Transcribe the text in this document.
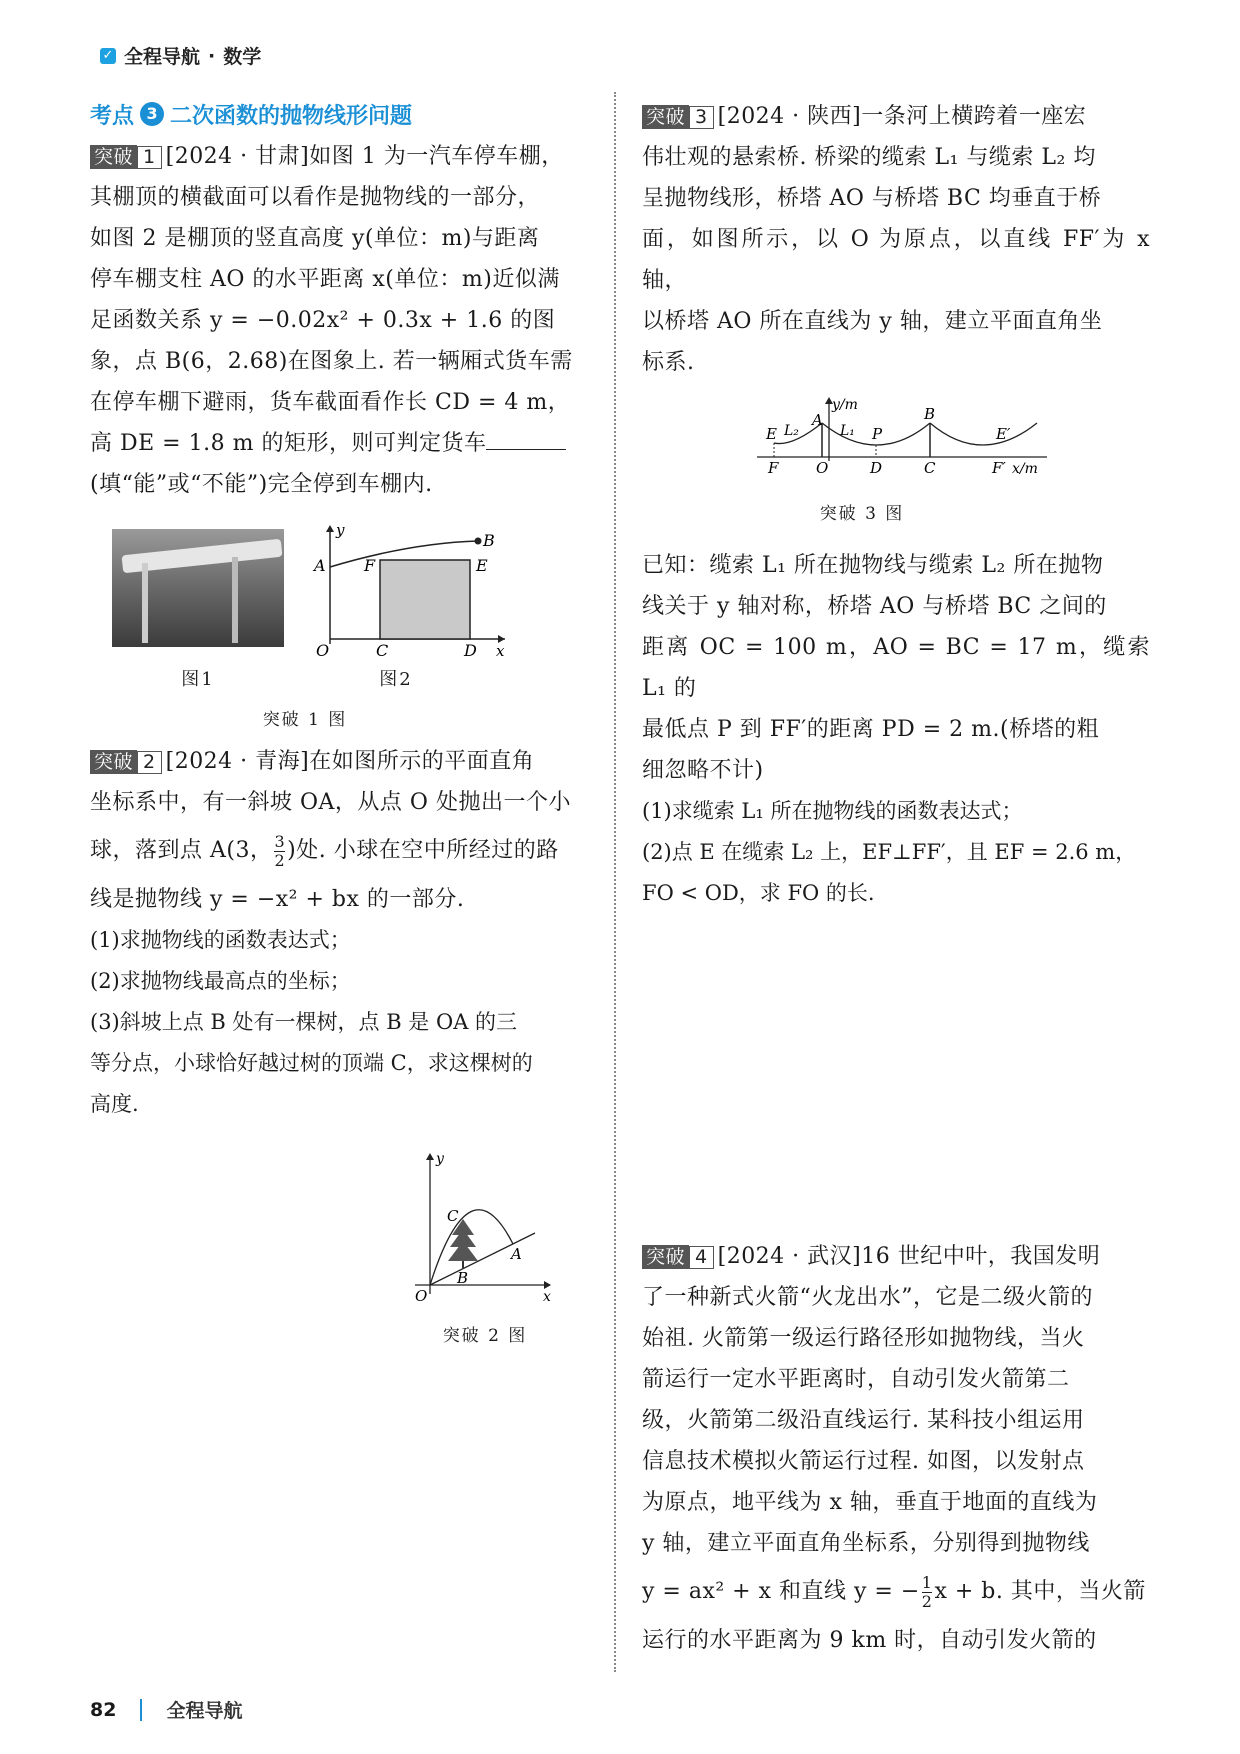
✓ 全程导航 · 数学
考点 3 二次函数的抛物线形问题

突破 1 [2024 · 甘肃]如图 1 为一汽车停车棚，

其棚顶的横截面可以看作是抛物线的一部分，

如图 2 是棚顶的竖直高度 y(单位：m)与距离

停车棚支柱 AO 的水平距离 x(单位：m)近似满

足函数关系 y = −0.02x² + 0.3x + 1.6 的图

象，点 B(6，2.68)在图象上. 若一辆厢式货车需

在停车棚下避雨，货车截面看作长 CD = 4 m，

高 DE = 1.8 m 的矩形，则可判定货车

(填“能”或“不能”)完全停到车棚内.

图1
y
A F	E
B
O	C	D x
图2
突破 1 图

突破 2 [2024 · 青海]在如图所示的平面直角

坐标系中，有一斜坡 OA，从点 O 处抛出一个小

球，落到点 A(3， $\frac{3}{2}$ )处. 小球在空中所经过的路

线是抛物线 y = −x² + bx 的一部分.

(1)求抛物线的函数表达式；

(2)求抛物线最高点的坐标；

(3)斜坡上点 B 处有一棵树，点 B 是 OA 的三

等分点，小球恰好越过树的顶端 C，求这棵树的

高度.

y
C
A
B
O	x
突破 2 图

突破 3 [2024 · 陕西]一条河上横跨着一座宏

伟壮观的悬索桥. 桥梁的缆索 L₁ 与缆索 L₂ 均

呈抛物线形，桥塔 AO 与桥塔 BC 均垂直于桥

面，如图所示，以 O 为原点，以直线 FF′为 x 轴，

以桥塔 AO 所在直线为 y 轴，建立平面直角坐

标系.

y/m
A
E L₂	L₁ P
B
E′
F	O	D	C	F′ x/m
突破 3 图

已知：缆索 L₁ 所在抛物线与缆索 L₂ 所在抛物

线关于 y 轴对称，桥塔 AO 与桥塔 BC 之间的

距离 OC = 100 m，AO = BC = 17 m，缆索 L₁ 的

最低点 P 到 FF′的距离 PD = 2 m.(桥塔的粗

细忽略不计)

(1)求缆索 L₁ 所在抛物线的函数表达式；

(2)点 E 在缆索 L₂ 上，EF⊥FF′，且 EF = 2.6 m，

FO < OD，求 FO 的长.

突破 4 [2024 · 武汉]16 世纪中叶，我国发明

了一种新式火箭“火龙出水”，它是二级火箭的

始祖. 火箭第一级运行路径形如抛物线，当火

箭运行一定水平距离时，自动引发火箭第二

级，火箭第二级沿直线运行. 某科技小组运用

信息技术模拟火箭运行过程. 如图，以发射点

为原点，地平线为 x 轴，垂直于地面的直线为

y 轴，建立平面直角坐标系，分别得到抛物线

y = ax² + x 和直线 y = − $\frac{1}{2}$ x + b. 其中，当火箭

运行的水平距离为 9 km 时，自动引发火箭的

82	全程导航
